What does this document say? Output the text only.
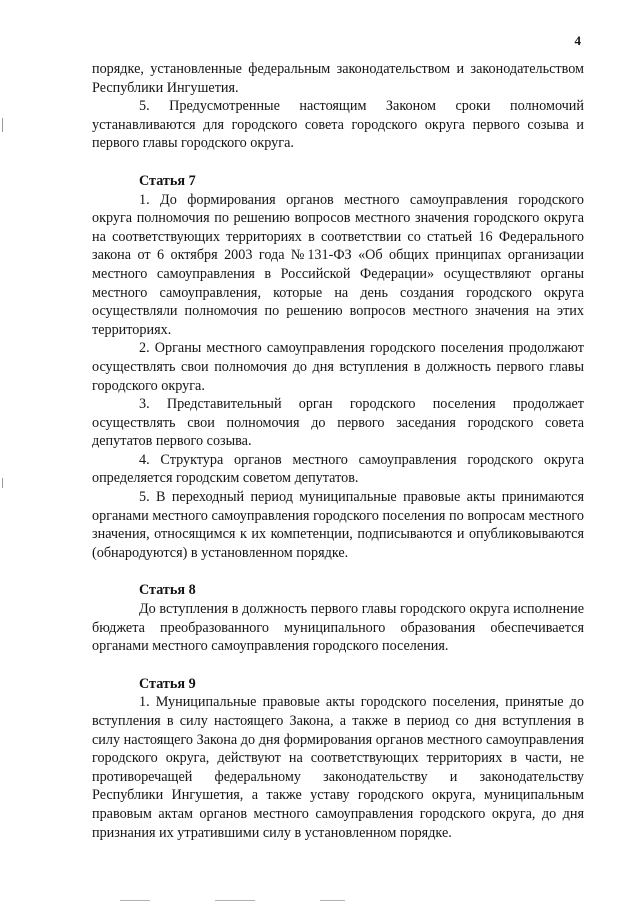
4

порядке, установленные федеральным законодательством и законодательством Республики Ингушетия.

5. Предусмотренные настоящим Законом сроки полномочий устанавливаются для городского совета городского округа первого созыва и первого главы городского округа.

Статья 7

1. До формирования органов местного самоуправления городского округа полномочия по решению вопросов местного значения городского округа на соответствующих территориях в соответствии со статьей 16 Федерального закона от 6 октября 2003 года №131-ФЗ «Об общих принципах организации местного самоуправления в Российской Федерации» осуществляют органы местного самоуправления, которые на день создания городского округа осуществляли полномочия по решению вопросов местного значения на этих территориях.

2. Органы местного самоуправления городского поселения продолжают осуществлять свои полномочия до дня вступления в должность первого главы городского округа.

3. Представительный орган городского поселения продолжает осуществлять свои полномочия до первого заседания городского совета депутатов первого созыва.

4. Структура органов местного самоуправления городского округа определяется городским советом депутатов.

5. В переходный период муниципальные правовые акты принимаются органами местного самоуправления городского поселения по вопросам местного значения, относящимся к их компетенции, подписываются и опубликовываются (обнародуются) в установленном порядке.

Статья 8

До вступления в должность первого главы городского округа исполнение бюджета преобразованного муниципального образования обеспечивается органами местного самоуправления городского поселения.

Статья 9

1. Муниципальные правовые акты городского поселения, принятые до вступления в силу настоящего Закона, а также в период со дня вступления в силу настоящего Закона до дня формирования органов местного самоуправления городского округа, действуют на соответствующих территориях в части, не противоречащей федеральному законодательству и законодательству Республики Ингушетия, а также уставу городского округа, муниципальным правовым актам органов местного самоуправления городского округа, до дня признания их утратившими силу в установленном порядке.
